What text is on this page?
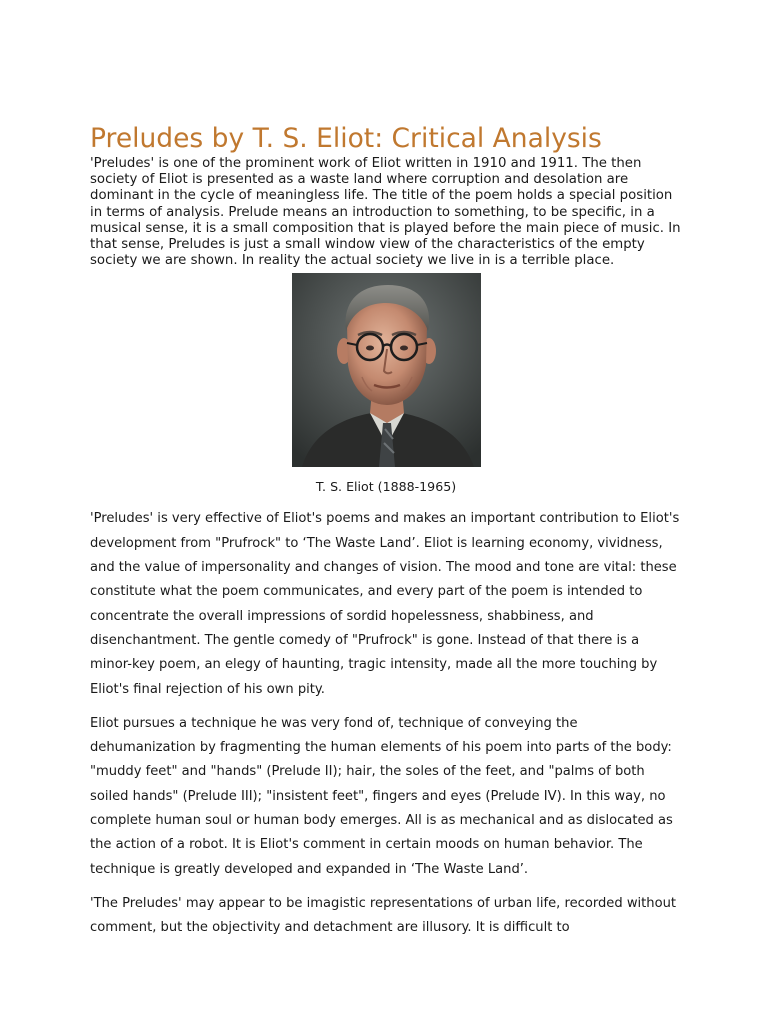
Preludes by T. S. Eliot: Critical Analysis

'Preludes' is one of the prominent work of Eliot written in 1910 and 1911. The then society of Eliot is presented as a waste land where corruption and desolation are dominant in the cycle of meaningless life. The title of the poem holds a special position in terms of analysis. Prelude means an introduction to something, to be specific, in a musical sense, it is a small composition that is played before the main piece of music. In that sense, Preludes is just a small window view of the characteristics of the empty society we are shown. In reality the actual society we live in is a terrible place.

T. S. Eliot (1888-1965)

'Preludes' is very effective of Eliot's poems and makes an important contribution to Eliot's development from "Prufrock" to ‘The Waste Land’. Eliot is learning economy, vividness, and the value of impersonality and changes of vision. The mood and tone are vital: these constitute what the poem communicates, and every part of the poem is intended to concentrate the overall impressions of sordid hopelessness, shabbiness, and disenchantment. The gentle comedy of "Prufrock" is gone. Instead of that there is a minor-key poem, an elegy of haunting, tragic intensity, made all the more touching by Eliot's final rejection of his own pity.

Eliot pursues a technique he was very fond of, technique of conveying the dehumanization by fragmenting the human elements of his poem into parts of the body: "muddy feet" and "hands" (Prelude II); hair, the soles of the feet, and "palms of both soiled hands" (Prelude III); "insistent feet", fingers and eyes (Prelude IV). In this way, no complete human soul or human body emerges. All is as mechanical and as dislocated as the action of a robot. It is Eliot's comment in certain moods on human behavior. The technique is greatly developed and expanded in ‘The Waste Land’.

'The Preludes' may appear to be imagistic representations of urban life, recorded without comment, but the objectivity and detachment are illusory. It is difficult to
